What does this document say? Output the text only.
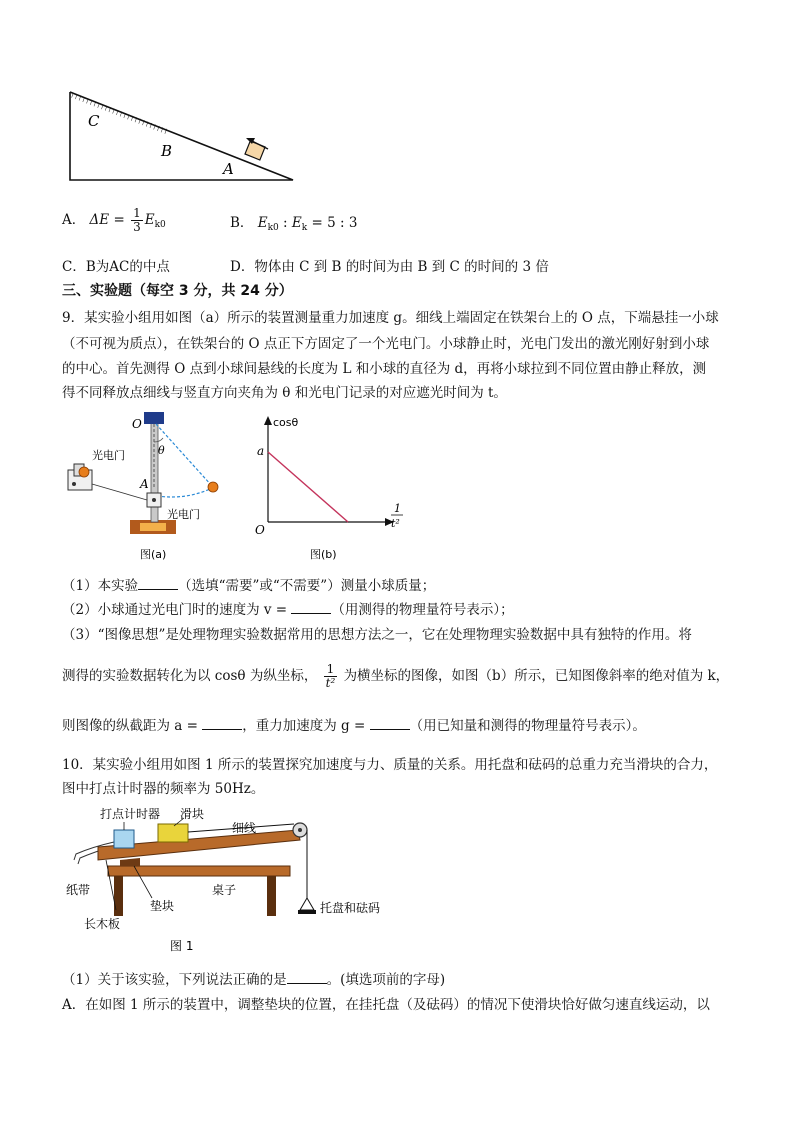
C
B
A
A． $\Delta E = \frac{1}{3} E_{k0}$	B． $E_{k0}$ : $E_k = 5$ : 3
C．B为AC的中点	D．物体由 C 到 B 的时间为由 B 到 C 的时间的 3 倍
三、实验题（每空 3 分，共 24 分）
9．某实验小组用如图（a）所示的装置测量重力加速度 g。细线上端固定在铁架台上的 O 点，下端悬挂一小球
（不可视为质点），在铁架台的 O 点正下方固定了一个光电门。小球静止时，光电门发出的激光刚好射到小球
的中心。首先测得 O 点到小球间悬线的长度为 L 和小球的直径为 d，再将小球拉到不同位置由静止释放，测
得不同释放点细线与竖直方向夹角为 θ 和光电门记录的对应遮光时间为 t。
O
θ
光电门
A
光电门
图(a)
cosθ
a
O
1
t²
图(b)
（1）本实验	（选填“需要”或“不需要”）测量小球质量；
（2）小球通过光电门时的速度为 v =	（用测得的物理量符号表示）；
（3）“图像思想”是处理物理实验数据常用的思想方法之一，它在处理物理实验数据中具有独特的作用。将
测得的实验数据转化为以 cosθ 为纵坐标， $\frac{1}{\text{t²}}$ 为横坐标的图像，如图（b）所示，已知图像斜率的绝对值为 k，
则图像的纵截距为 a =	，重力加速度为 g =	（用已知量和测得的物理量符号表示）。
10．某实验小组用如图 1 所示的装置探究加速度与力、质量的关系。用托盘和砝码的总重力充当滑块的合力，
图中打点计时器的频率为 50Hz。
打点计时器 滑块
细线
纸带
垫块
桌子
长木板
托盘和砝码
图 1
（1）关于该实验，下列说法正确的是	。(填选项前的字母)
A．在如图 1 所示的装置中，调整垫块的位置，在挂托盘（及砝码）的情况下使滑块恰好做匀速直线运动，以
